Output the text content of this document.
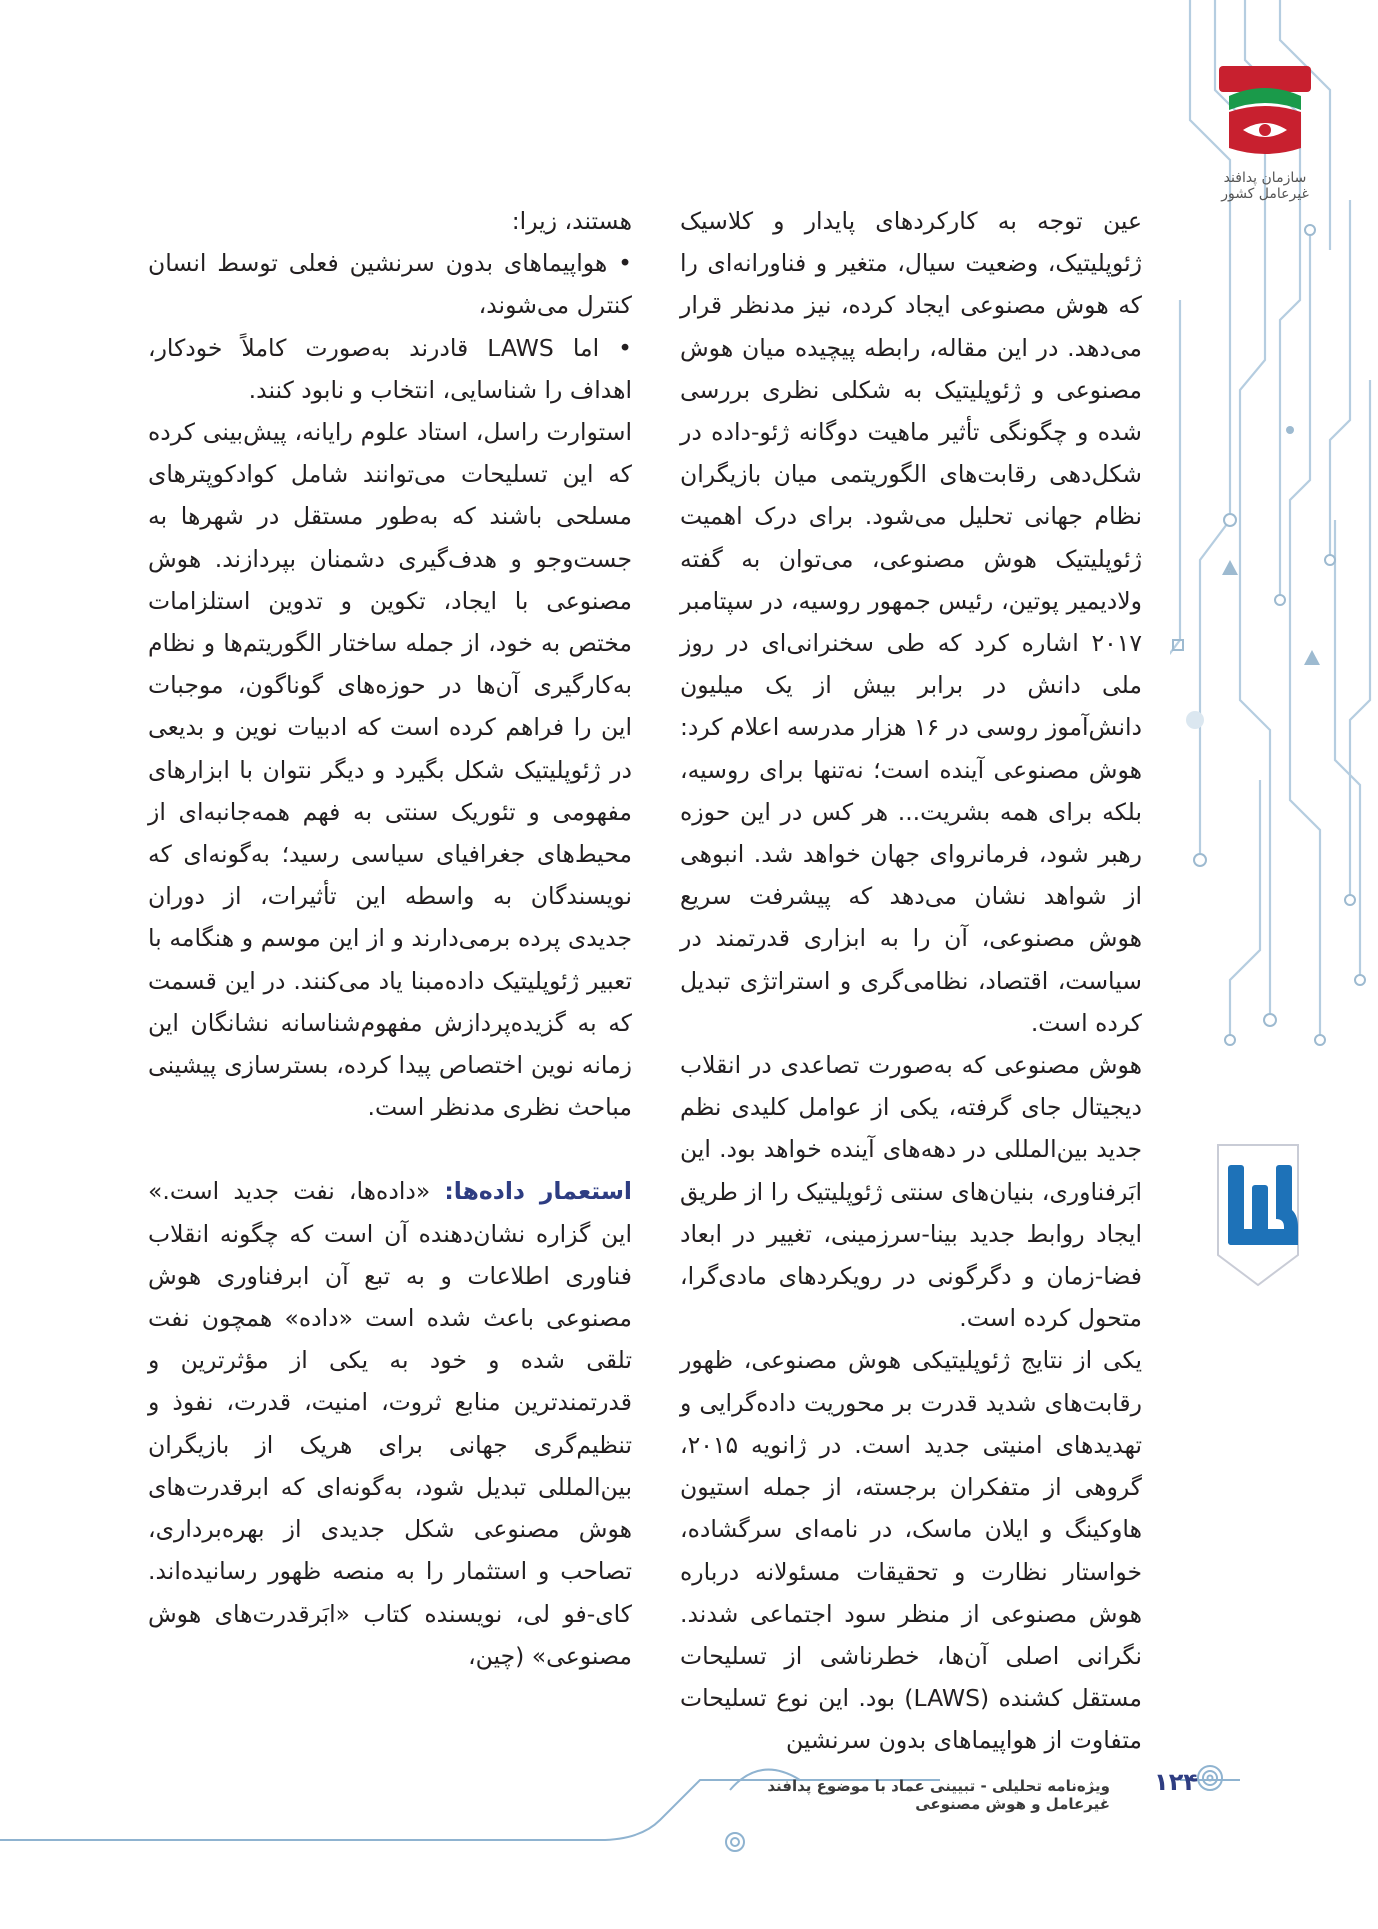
سازمان پدافند غیرعامل کشور

عین توجه به کارکردهای پایدار و کلاسیک ژئوپلیتیک، وضعیت سیال، متغیر و فناورانه‌ای را که هوش مصنوعی ایجاد کرده، نیز مدنظر قرار می‌دهد. در این مقاله، رابطه پیچیده میان هوش مصنوعی و ژئوپلیتیک به شکلی نظری بررسی شده و چگونگی تأثیر ماهیت دوگانه ژئو-داده در شکل‌دهی رقابت‌های الگوریتمی میان بازیگران نظام جهانی تحلیل می‌شود. برای درک اهمیت ژئوپلیتیک هوش مصنوعی، می‌توان به گفته ولادیمیر پوتین، رئیس جمهور روسیه، در سپتامبر ۲۰۱۷ اشاره کرد که طی سخنرانی‌ای در روز ملی دانش در برابر بیش از یک میلیون دانش‌آموز روسی در ۱۶ هزار مدرسه اعلام کرد: هوش مصنوعی آینده است؛ نه‌تنها برای روسیه، بلکه برای همه بشریت... هر کس در این حوزه رهبر شود، فرمانروای جهان خواهد شد. انبوهی از شواهد نشان می‌دهد که پیشرفت سریع هوش مصنوعی، آن را به ابزاری قدرتمند در سیاست، اقتصاد، نظامی‌گری و استراتژی تبدیل کرده است.

هوش مصنوعی که به‌صورت تصاعدی در انقلاب دیجیتال جای گرفته، یکی از عوامل کلیدی نظم جدید بین‌المللی در دهه‌های آینده خواهد بود. این ابَرفناوری، بنیان‌های سنتی ژئوپلیتیک را از طریق ایجاد روابط جدید بینا-سرزمینی، تغییر در ابعاد فضا-زمان و دگرگونی در رویکردهای مادی‌گرا، متحول کرده است.

یکی از نتایج ژئوپلیتیکی هوش مصنوعی، ظهور رقابت‌های شدید قدرت بر محوریت داده‌گرایی و تهدیدهای امنیتی جدید است. در ژانویه ۲۰۱۵، گروهی از متفکران برجسته، از جمله استیون هاوکینگ و ایلان ماسک، در نامه‌ای سرگشاده، خواستار نظارت و تحقیقات مسئولانه درباره هوش مصنوعی از منظر سود اجتماعی شدند. نگرانی اصلی آن‌ها، خطرناشی از تسلیحات مستقل کشنده (LAWS) بود. این نوع تسلیحات متفاوت از هواپیماهای بدون سرنشین

هستند، زیرا:

• هواپیماهای بدون سرنشین فعلی توسط انسان کنترل می‌شوند،

• اما LAWS قادرند به‌صورت کاملاً خودکار، اهداف را شناسایی، انتخاب و نابود کنند.

استوارت راسل، استاد علوم رایانه، پیش‌بینی کرده که این تسلیحات می‌توانند شامل کوادکوپترهای مسلحی باشند که به‌طور مستقل در شهرها به جست‌وجو و هدف‌گیری دشمنان بپردازند. هوش مصنوعی با ایجاد، تکوین و تدوین استلزامات مختص به خود، از جمله ساختار الگوریتم‌ها و نظام به‌کارگیری آن‌ها در حوزه‌های گوناگون، موجبات این را فراهم کرده است که ادبیات نوین و بدیعی در ژئوپلیتیک شکل بگیرد و دیگر نتوان با ابزارهای مفهومی و تئوریک سنتی به فهم همه‌جانبه‌ای از محیط‌های جغرافیای سیاسی رسید؛ به‌گونه‌ای که نویسندگان به واسطه این تأثیرات، از دوران جدیدی پرده برمی‌دارند و از این موسم و هنگامه با تعبیر ژئوپلیتیک داده‌مبنا یاد می‌کنند. در این قسمت که به گزیده‌پردازش مفهوم‌شناسانه نشانگان این زمانه نوین اختصاص پیدا کرده، بسترسازی پیشینی مباحث نظری مدنظر است.

استعمار داده‌ها: «داده‌ها، نفت جدید است.» این گزاره نشان‌دهنده آن است که چگونه انقلاب فناوری اطلاعات و به تبع آن ابرفناوری هوش مصنوعی باعث شده است «داده» همچون نفت تلقی شده و خود به یکی از مؤثرترین و قدرتمندترین منابع ثروت، امنیت، قدرت، نفوذ و تنظیم‌گری جهانی برای هریک از بازیگران بین‌المللی تبدیل شود، به‌گونه‌ای که ابرقدرت‌های هوش مصنوعی شکل جدیدی از بهره‌برداری، تصاحب و استثمار را به منصه ظهور رسانیده‌اند. کای-فو لی، نویسنده کتاب «ابَرقدرت‌های هوش مصنوعی» (چین،

ویژه‌نامه تحلیلی - تبیینی عماد با موضوع پدافند غیرعامل و هوش مصنوعی
۱۲۴
